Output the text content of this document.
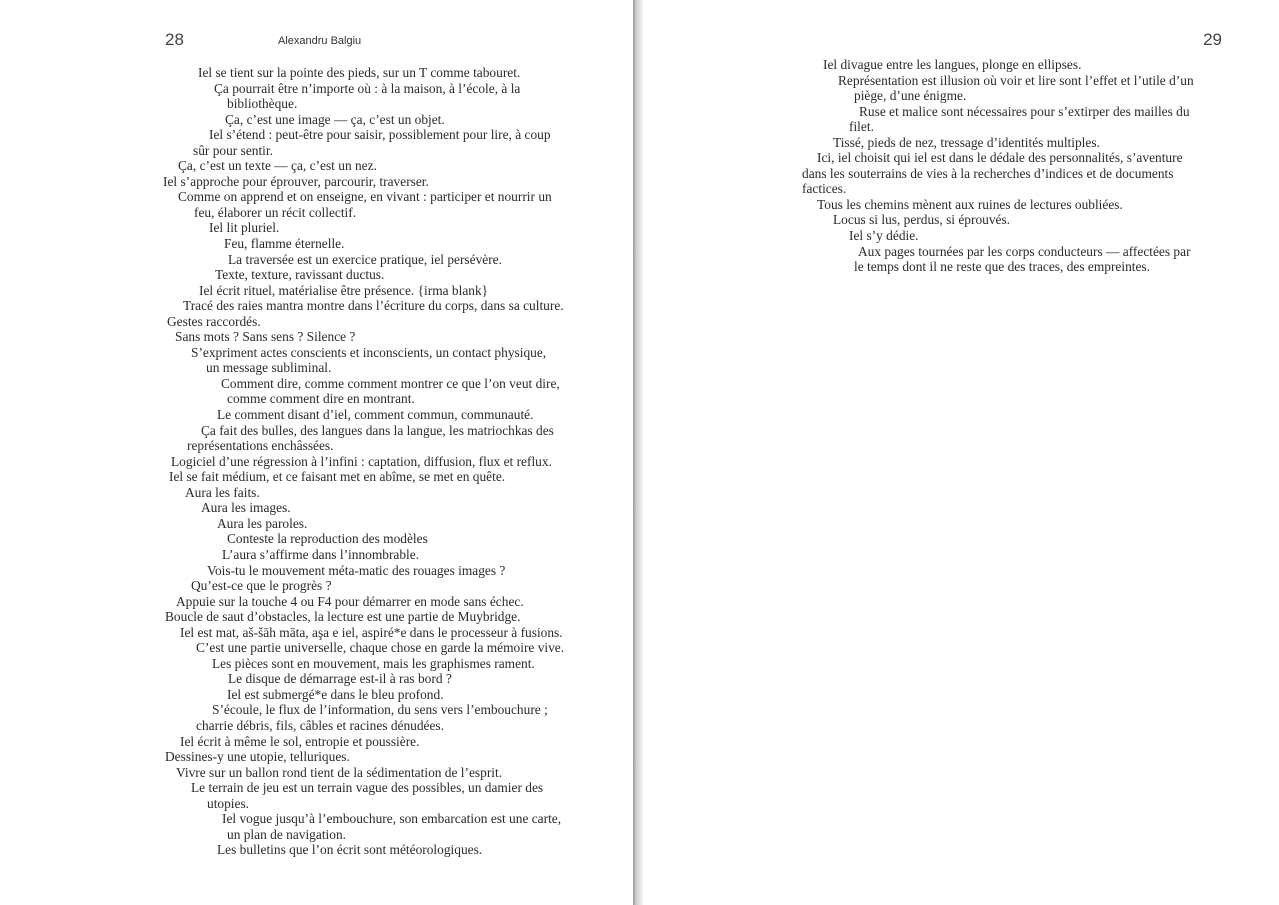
28	Alexandru Balgiu
Iel se tient sur la pointe des pieds, sur un T comme tabouret.
Ça pourrait être n’importe où : à la maison, à l’école, à la
bibliothèque.
Ça, c’est une image — ça, c’est un objet.
Iel s’étend : peut-être pour saisir, possiblement pour lire, à coup
sûr pour sentir.
Ça, c’est un texte — ça, c’est un nez.
Iel s’approche pour éprouver, parcourir, traverser.
Comme on apprend et on enseigne, en vivant : participer et nourrir un
feu, élaborer un récit collectif.
Iel lit pluriel.
Feu, flamme éternelle.
La traversée est un exercice pratique, iel persévère.
Texte, texture, ravissant ductus.
Iel écrit rituel, matérialise être présence. {irma blank}
Tracé des raies mantra montre dans l’écriture du corps, dans sa culture.
Gestes raccordés.
Sans mots ? Sans sens ? Silence ?
S’expriment actes conscients et inconscients, un contact physique,
un message subliminal.
Comment dire, comme comment montrer ce que l’on veut dire,
comme comment dire en montrant.
Le comment disant d’iel, comment commun, communauté.
Ça fait des bulles, des langues dans la langue, les matriochkas des
représentations enchâssées.
Logiciel d’une régression à l’infini : captation, diffusion, flux et reflux.
Iel se fait médium, et ce faisant met en abîme, se met en quête.
Aura les faits.
Aura les images.
Aura les paroles.
Conteste la reproduction des modèles
L’aura s’affirme dans l’innombrable.
Vois-tu le mouvement méta-matic des rouages images ?
Qu’est-ce que le progrès ?
Appuie sur la touche 4 ou F4 pour démarrer en mode sans échec.
Boucle de saut d’obstacles, la lecture est une partie de Muybridge.
Iel est mat, aš-šāh māta, aşa e iel, aspiré*e dans le processeur à fusions.
C’est une partie universelle, chaque chose en garde la mémoire vive.
Les pièces sont en mouvement, mais les graphismes rament.
Le disque de démarrage est-il à ras bord ?
Iel est submergé*e dans le bleu profond.
S’écoule, le flux de l’information, du sens vers l’embouchure ;
charrie débris, fils, câbles et racines dénudées.
Iel écrit à même le sol, entropie et poussière.
Dessines-y une utopie, telluriques.
Vivre sur un ballon rond tient de la sédimentation de l’esprit.
Le terrain de jeu est un terrain vague des possibles, un damier des
utopies.
Iel vogue jusqu’à l’embouchure, son embarcation est une carte,
un plan de navigation.
Les bulletins que l’on écrit sont météorologiques.
29
Iel divague entre les langues, plonge en ellipses.
Représentation est illusion où voir et lire sont l’effet et l’utile d’un
piège, d’une énigme.
Ruse et malice sont nécessaires pour s’extirper des mailles du
filet.
Tissé, pieds de nez, tressage d’identités multiples.
Ici, iel choisit qui iel est dans le dédale des personnalités, s’aventure
dans les souterrains de vies à la recherches d’indices et de documents
factices.
Tous les chemins mènent aux ruines de lectures oubliées.
Locus si lus, perdus, si éprouvés.
Iel s’y dédie.
Aux pages tournées par les corps conducteurs — affectées par
le temps dont il ne reste que des traces, des empreintes.
